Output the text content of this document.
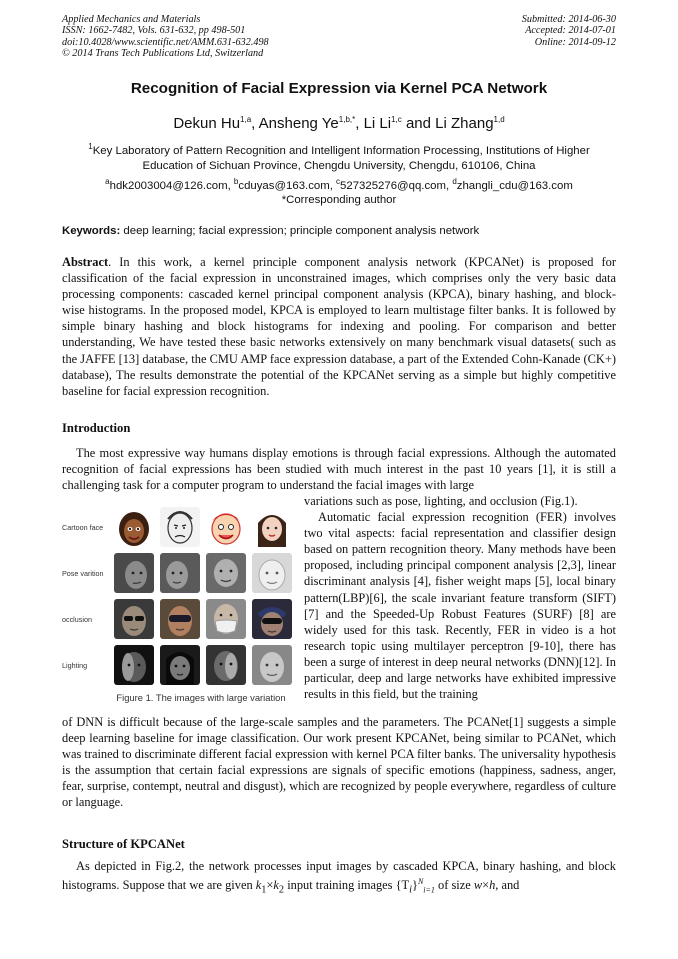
Applied Mechanics and Materials
ISSN: 1662-7482, Vols. 631-632, pp 498-501
doi:10.4028/www.scientific.net/AMM.631-632.498
© 2014 Trans Tech Publications Ltd, Switzerland
Submitted: 2014-06-30
Accepted: 2014-07-01
Online: 2014-09-12
Recognition of Facial Expression via Kernel PCA Network
Dekun Hu$^{1,a}$, Ansheng $Ye^{1,b,*}$, Li Li$^{1,c}$ and Li Zhang$^{1,d}$
$^1$Key Laboratory of Pattern Recognition and Intelligent Information Processing, Institutions of Higher Education of Sichuan Province, Chengdu University, Chengdu, 610106, China
$^a$hdk2003004@126.com, $^b$cduyas@163.com, $^c$527325276@qq.com, $^d$zhangli_cdu@163.com
*Corresponding author
Keywords: deep learning; facial expression; principle component analysis network
Abstract. In this work, a kernel principle component analysis network (KPCANet) is proposed for classification of the facial expression in unconstrained images, which comprises only the very basic data processing components: cascaded kernel principal component analysis (KPCA), binary hashing, and block-wise histograms. In the proposed model, KPCA is employed to learn multistage filter banks. It is followed by simple binary hashing and block histograms for indexing and pooling. For comparison and better understanding, We have tested these basic networks extensively on many benchmark visual datasets( such as the JAFFE [13] database, the CMU AMP face expression database, a part of the Extended Cohn-Kanade (CK+) database), The results demonstrate the potential of the KPCANet serving as a simple but highly competitive baseline for facial expression recognition.
Introduction
The most expressive way humans display emotions is through facial expressions. Although the automated recognition of facial expressions has been studied with much interest in the past 10 years [1], it is still a challenging task for a computer program to understand the facial images with large
Cartoon face
Pose varition
occlusion
Lighting
Figure 1. The images with large variation
variations such as pose, lighting, and occlusion (Fig.1).
Automatic facial expression recognition (FER) involves two vital aspects: facial representation and classifier design based on pattern recognition theory. Many methods have been proposed, including principal component analysis [2,3], linear discriminant analysis [4], fisher weight maps [5], local binary pattern(LBP)[6], the scale invariant feature transform (SIFT) [7] and the Speeded-Up Robust Features (SURF) [8] are widely used for this task. Recently, FER in video is a hot research topic using multilayer perceptron [9-10], there has been a surge of interest in deep neural networks (DNN)[12]. In particular, deep and large networks have exhibited impressive results in this field, but the training
of DNN is difficult because of the large-scale samples and the parameters. The PCANet[1] suggests a simple deep learning baseline for image classification. Our work present KPCANet, being similar to PCANet, which was trained to discriminate different facial expression with kernel PCA filter banks. The universality hypothesis is the assumption that certain facial expressions are signals of specific emotions (happiness, sadness, anger, fear, surprise, contempt, neutral and disgust), which are recognized by people everywhere, regardless of culture or language.
Structure of KPCANet
As depicted in Fig.2, the network processes input images by cascaded KPCA, binary hashing, and block histograms. Suppose that we are given $k_1\times k_2$ input training images $\{T_i\}^N_{i=1}$ of size w×h, and
